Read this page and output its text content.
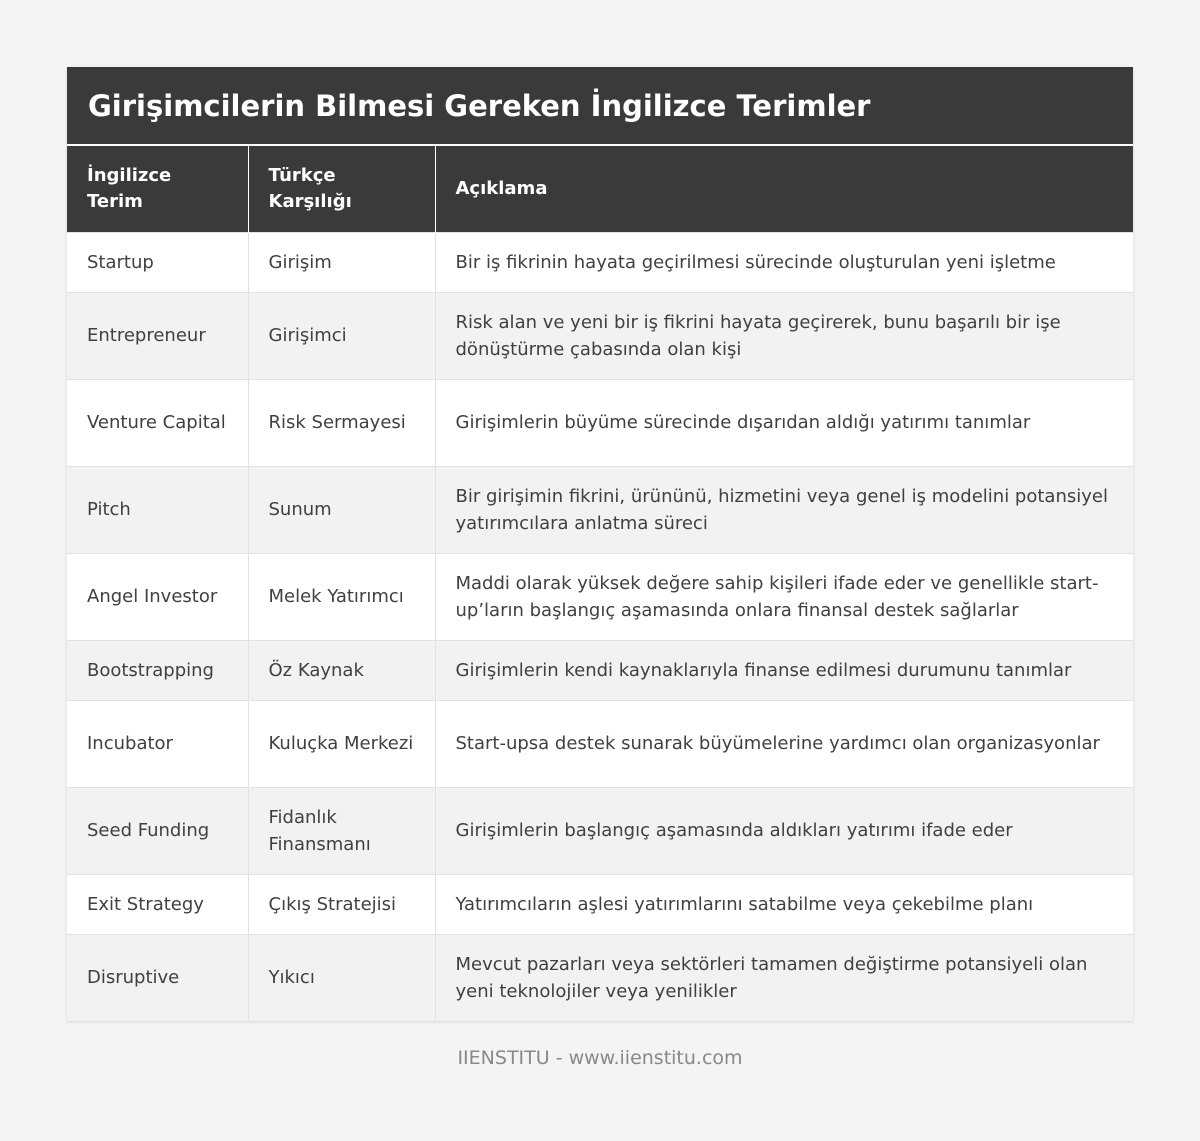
Girişimcilerin Bilmesi Gereken İngilizce Terimler
İngilizce Terim	Türkçe Karşılığı	Açıklama
Startup	Girişim	Bir iş fikrinin hayata geçirilmesi sürecinde oluşturulan yeni işletme
Entrepreneur	Girişimci	Risk alan ve yeni bir iş fikrini hayata geçirerek, bunu başarılı bir işe dönüştürme çabasında olan kişi
Venture Capital	Risk Sermayesi	Girişimlerin büyüme sürecinde dışarıdan aldığı yatırımı tanımlar
Pitch	Sunum	Bir girişimin fikrini, ürününü, hizmetini veya genel iş modelini potansiyel yatırımcılara anlatma süreci
Angel Investor	Melek Yatırımcı	Maddi olarak yüksek değere sahip kişileri ifade eder ve genellikle start-up’ların başlangıç aşamasında onlara finansal destek sağlarlar
Bootstrapping	Öz Kaynak	Girişimlerin kendi kaynaklarıyla finanse edilmesi durumunu tanımlar
Incubator	Kuluçka Merkezi	Start-upsa destek sunarak büyümelerine yardımcı olan organizasyonlar
Seed Funding	Fidanlık Finansmanı	Girişimlerin başlangıç aşamasında aldıkları yatırımı ifade eder
Exit Strategy	Çıkış Stratejisi	Yatırımcıların aşlesi yatırımlarını satabilme veya çekebilme planı
Disruptive	Yıkıcı	Mevcut pazarları veya sektörleri tamamen değiştirme potansiyeli olan yeni teknolojiler veya yenilikler
IIENSTITU - www.iienstitu.com
